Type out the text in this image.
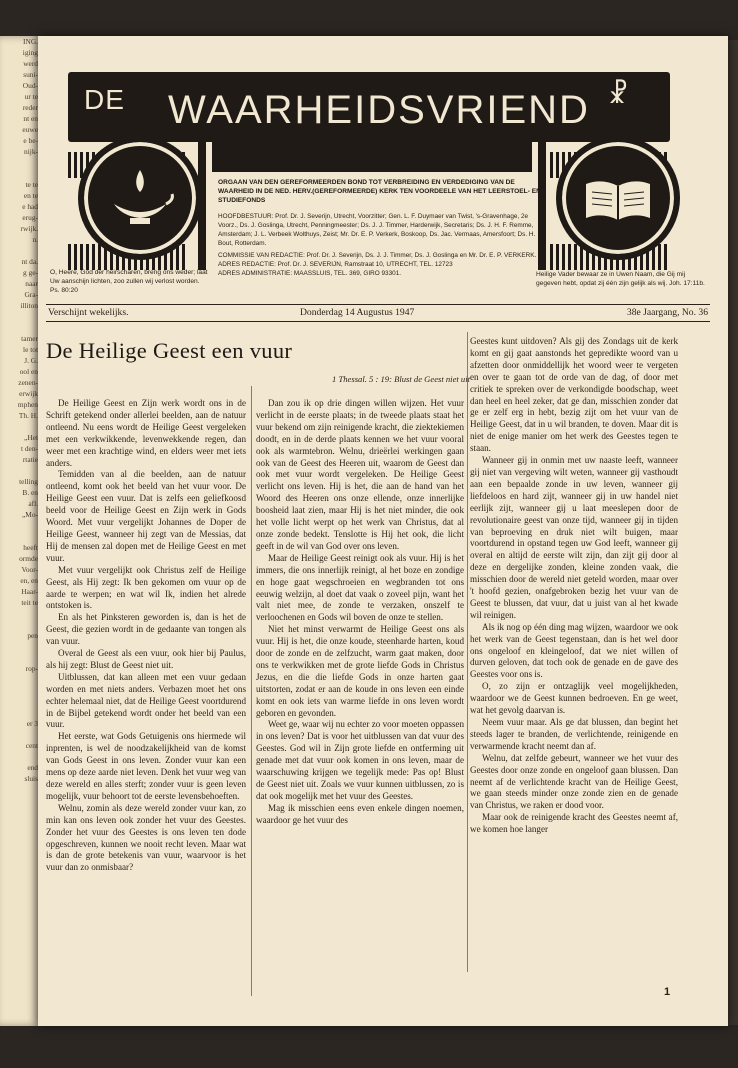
ING.
iging
werd
suni-
Oud-
ur te
reder
nt en
euwe
e be-
nijk-

te te
en te
e had
erug-
rwijk.
n.

nt da.
g ge-
naar
Gra-
illiton

tamer
le tot
J. G.
ool en
zenen-
erwijk
mphen
Th. H.

„Het
t den-
rtatie

telling
B. en
afl.
„Mo-

heeft
ormde
Voor-
en, en
Haar-
teit te

pen

rop-

er 3

cent

end
sluis
DE WAARHEIDSVRIEND ☧
ORGAAN VAN DEN GEREFORMEERDEN BOND TOT VERBREIDING EN VERDEDIGING VAN DE WAARHEID IN DE NED. HERV.(GEREFORMEERDE) KERK TEN VOORDEELE VAN HET LEERSTOEL- EN STUDIEFONDS

HOOFDBESTUUR: Prof. Dr. J. Severijn, Utrecht, Voorzitter; Gen. L. F. Duymaer van Twist, 's-Gravenhage, 2e Voorz., Ds. J. Goslinga, Utrecht, Penningmeester; Ds. J. J. Timmer, Harderwijk, Secretaris; Ds. J. H. F. Remme, Amsterdam; J. L. Verbeek Wolthuys, Zeist; Mr. Dr. E. P. Verkerk, Boskoop, Ds. Jac. Vermaas, Amersfoort; Ds. H. Bout, Rotterdam.

COMMISSIE VAN REDACTIE: Prof. Dr. J. Severijn, Ds. J. J. Timmer, Ds. J. Goslinga en Mr. Dr. E. P. VERKERK.

ADRES REDACTIE: Prof. Dr. J. SEVERIJN, Ramstraat 10, UTRECHT, TEL. 12723

ADRES ADMINISTRATIE: MAASSLUIS, TEL. 369, GIRO 93301.

O, Heere, God der heirscharen, breng ons weder; laat Uw aanschijn lichten, zoo zullen wij verlost worden. Ps. 80:20
Heilige Vader bewaar ze in Uwen Naam, die Gij mij gegeven hebt, opdat zij één zijn gelijk als wij. Joh. 17:11b.
Verschijnt wekelijks.	Donderdag 14 Augustus 1947	38e Jaargang, No. 36
De Heilige Geest een vuur
1 Thessal. 5 : 19: Blust de Geest niet uit

De Heilige Geest en Zijn werk wordt ons in de Schrift getekend onder allerlei beelden, aan de natuur ontleend. Nu eens wordt de Heilige Geest vergeleken met een verkwikkende, levenwekkende regen, dan weer met een krachtige wind, en elders weer met iets anders.

Temidden van al die beelden, aan de natuur ontleend, komt ook het beeld van het vuur voor. De Heilige Geest een vuur. Dat is zelfs een geliefkoosd beeld voor de Heilige Geest en Zijn werk in Gods Woord. Met vuur vergelijkt Johannes de Doper de Heilige Geest, wanneer hij zegt van de Messias, dat Hij de mensen zal dopen met de Heilige Geest en met vuur.

Met vuur vergelijkt ook Christus zelf de Heilige Geest, als Hij zegt: Ik ben gekomen om vuur op de aarde te werpen; en wat wil Ik, indien het alrede ontstoken is.

En als het Pinksteren geworden is, dan is het de Geest, die gezien wordt in de gedaante van tongen als van vuur.

Overal de Geest als een vuur, ook hier bij Paulus, als hij zegt: Blust de Geest niet uit.

Uitblussen, dat kan alleen met een vuur gedaan worden en met niets anders. Verbazen moet het ons echter helemaal niet, dat de Heilige Geest voortdurend in de Bijbel getekend wordt onder het beeld van een vuur.

Het eerste, wat Gods Getuigenis ons hiermede wil inprenten, is wel de noodzakelijkheid van de komst van Gods Geest in ons leven. Zonder vuur kan een mens op deze aarde niet leven. Denk het vuur weg van deze wereld en alles sterft; zonder vuur is geen leven mogelijk, vuur behoort tot de eerste levensbehoeften.

Welnu, zomin als deze wereld zonder vuur kan, zo min kan ons leven ook zonder het vuur des Geestes. Zonder het vuur des Geestes is ons leven ten dode opgeschreven, kunnen we nooit recht leven. Maar wat is dan de grote betekenis van vuur, waarvoor is het vuur dan zo onmisbaar?

Dan zou ik op drie dingen willen wijzen. Het vuur verlicht in de eerste plaats; in de tweede plaats staat het vuur bekend om zijn reinigende kracht, die ziektekiemen doodt, en in de derde plaats kennen we het vuur vooral ook als warmtebron. Welnu, drieërlei werkingen gaan ook van de Geest des Heeren uit, waarom de Geest dan ook met vuur wordt vergeleken. De Heilige Geest verlicht ons leven. Hij is het, die aan de hand van het Woord des Heeren ons onze ellende, onze innerlijke boosheid laat zien, maar Hij is het niet minder, die ook het volle licht werpt op het werk van Christus, dat al onze zonde bedekt. Tenslotte is Hij het ook, die licht geeft in de wil van God over ons leven.

Maar de Heilige Geest reinigt ook als vuur. Hij is het immers, die ons innerlijk reinigt, al het boze en zondige en hoge gaat wegschroeien en wegbranden tot ons eeuwig welzijn, al doet dat vaak o zoveel pijn, want het valt niet mee, de zonde te verzaken, onszelf te verloochenen en Gods wil boven de onze te stellen.

Niet het minst verwarmt de Heilige Geest ons als vuur. Hij is het, die onze koude, steenharde harten, koud door de zonde en de zelfzucht, warm gaat maken, door ons te verkwikken met de grote liefde Gods in Christus Jezus, en die die liefde Gods in onze harten gaat uitstorten, zodat er aan de koude in ons leven een einde komt en ook iets van warme liefde in ons leven wordt geboren en gevonden.

Weet ge, waar wij nu echter zo voor moeten oppassen in ons leven? Dat is voor het uitblussen van dat vuur des Geestes. God wil in Zijn grote liefde en ontferming uit genade met dat vuur ook komen in ons leven, maar de waarschuwing krijgen we tegelijk mede: Pas op! Blust de Geest niet uit. Zoals we vuur kunnen uitblussen, zo is dat ook mogelijk met het vuur des Geestes.

Mag ik misschien eens even enkele dingen noemen, waardoor ge het vuur des

Geestes kunt uitdoven? Als gij des Zondags uit de kerk komt en gij gaat aanstonds het gepredikte woord van u afzetten door onmiddellijk het woord weer te vergeten en over te gaan tot de orde van de dag, of door met critiek te spreken over de verkondigde boodschap, weet dan heel en heel zeker, dat ge dan, misschien zonder dat ge er zelf erg in hebt, bezig zijt om het vuur van de Heilige Geest, dat in u wil branden, te doven. Maar dit is niet de enige manier om het werk des Geestes tegen te staan.

Wanneer gij in onmin met uw naaste leeft, wanneer gij niet van vergeving wilt weten, wanneer gij vasthoudt aan een bepaalde zonde in uw leven, wanneer gij liefdeloos en hard zijt, wanneer gij in uw handel niet eerlijk zijt, wanneer gij u laat meeslepen door de revolutionaire geest van onze tijd, wanneer gij in tijden van beproeving en druk niet wilt buigen, maar voortdurend in opstand tegen uw God leeft, wanneer gij overal en altijd de eerste wilt zijn, dan zijt gij door al deze en dergelijke zonden, kleine zonden vaak, die misschien door de wereld niet geteld worden, maar over 't hoofd gezien, onafgebroken bezig het vuur van de Geest te blussen, dat vuur, dat u juist van al het kwade wil reinigen.

Als ik nog op één ding mag wijzen, waardoor we ook het werk van de Geest tegenstaan, dan is het wel door ons ongeloof en kleingeloof, dat we niet willen of durven geloven, dat toch ook de genade en de gave des Geestes voor ons is.

O, zo zijn er ontzaglijk veel mogelijkheden, waardoor we de Geest kunnen bedroeven. En ge weet, wat het gevolg daarvan is.

Neem vuur maar. Als ge dat blussen, dan begint het steeds lager te branden, de verlichtende, reinigende en verwarmende kracht neemt dan af.

Welnu, dat zelfde gebeurt, wanneer we het vuur des Geestes door onze zonde en ongeloof gaan blussen. Dan neemt af de verlichtende kracht van de Heilige Geest, we gaan steeds minder onze zonde zien en de genade van Christus, we raken er dood voor.

Maar ook de reinigende kracht des Geestes neemt af, we komen hoe langer

1
